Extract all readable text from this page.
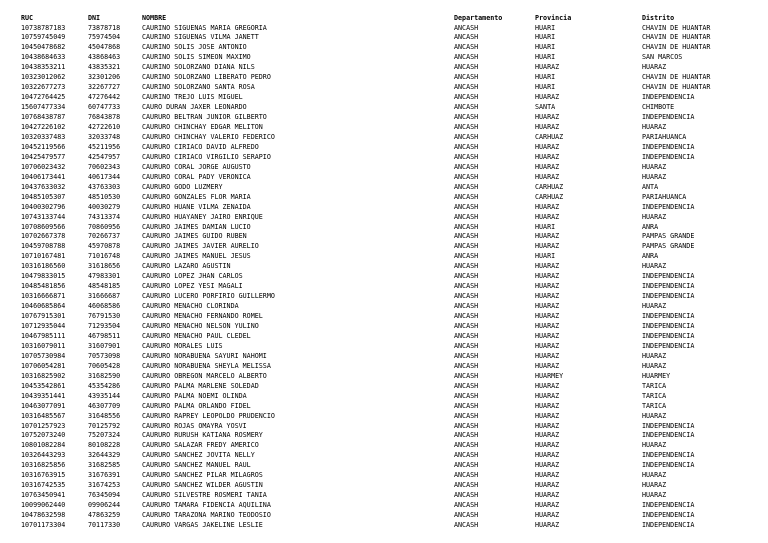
RUC	DNI	NOMBRE	Departamento	Provincia	Distrito
10738787183	73878718	CAURINO SIGUEÑAS MARIA GREGORIA	ANCASH	HUARI	CHAVIN DE HUANTAR
10759745049	75974504	CAURINO SIGUEÑAS VILMA JANETT	ANCASH	HUARI	CHAVIN DE HUANTAR
10450478682	45047868	CAURINO SOLIS JOSE ANTONIO	ANCASH	HUARI	CHAVIN DE HUANTAR
10438684633	43868463	CAURINO SOLIS SIMEON MAXIMO	ANCASH	HUARI	SAN MARCOS
10438353211	43835321	CAURINO SOLORZANO DIANA NILS	ANCASH	HUARAZ	HUARAZ
10323012062	32301206	CAURINO SOLORZANO LIBERATO PEDRO	ANCASH	HUARI	CHAVIN DE HUANTAR
10322677273	32267727	CAURINO SOLORZANO SANTA ROSA	ANCASH	HUARI	CHAVIN DE HUANTAR
10472764425	47276442	CAURINO TREJO LUIS MIGUEL	ANCASH	HUARAZ	INDEPENDENCIA
15607477334	60747733	CAURO DURAN JAXER LEONARDO	ANCASH	SANTA	CHIMBOTE
10768438787	76843878	CAURURO BELTRAN JUNIOR GILBERTO	ANCASH	HUARAZ	INDEPENDENCIA
10427226102	42722610	CAURURO CHINCHAY EDGAR MELITON	ANCASH	HUARAZ	HUARAZ
10320337483	32033748	CAURURO CHINCHAY VALERIO FEDERICO	ANCASH	CARHUAZ	PARIAHUANCA
10452119566	45211956	CAURURO CIRIACO DAVID ALFREDO	ANCASH	HUARAZ	INDEPENDENCIA
10425479577	42547957	CAURURO CIRIACO VIRGILIO SERAPIO	ANCASH	HUARAZ	INDEPENDENCIA
10706023432	70602343	CAURURO CORAL JORGE AUGUSTO	ANCASH	HUARAZ	HUARAZ
10406173441	40617344	CAURURO CORAL PADY VERONICA	ANCASH	HUARAZ	HUARAZ
10437633032	43763303	CAURURO GODO LUZMERY	ANCASH	CARHUAZ	ANTA
10485105307	48510530	CAURURO GONZALES FLOR MARIA	ANCASH	CARHUAZ	PARIAHUANCA
10400302796	40030279	CAURURO HUANE VILMA ZENAIDA	ANCASH	HUARAZ	INDEPENDENCIA
10743133744	74313374	CAURURO HUAYANEY JAIRO ENRIQUE	ANCASH	HUARAZ	HUARAZ
10708609566	70860956	CAURURO JAIMES DAMIAN LUCIO	ANCASH	HUARI	ANRA
10702667378	70266737	CAURURO JAIMES GUIDO RUBEN	ANCASH	HUARAZ	PAMPAS GRANDE
10459708788	45970878	CAURURO JAIMES JAVIER AURELIO	ANCASH	HUARAZ	PAMPAS GRANDE
10710167481	71016748	CAURURO JAIMES MANUEL JESUS	ANCASH	HUARI	ANRA
10316186560	31618656	CAURURO LAZARO AGUSTIN	ANCASH	HUARAZ	HUARAZ
10479833015	47983301	CAURURO LOPEZ JHAN CARLOS	ANCASH	HUARAZ	INDEPENDENCIA
10485481856	48548185	CAURURO LOPEZ YESI MAGALI	ANCASH	HUARAZ	INDEPENDENCIA
10316666871	31666687	CAURURO LUCERO PORFIRIO GUILLERMO	ANCASH	HUARAZ	INDEPENDENCIA
10460685864	46068586	CAURURO MENACHO CLORINDA	ANCASH	HUARAZ	HUARAZ
10767915301	76791530	CAURURO MENACHO FERNANDO ROMEL	ANCASH	HUARAZ	INDEPENDENCIA
10712935044	71293504	CAURURO MENACHO NELSON YULIÑO	ANCASH	HUARAZ	INDEPENDENCIA
10467985111	46798511	CAURURO MENACHO PAUL CLEDEL	ANCASH	HUARAZ	INDEPENDENCIA
10316079011	31607901	CAURURO MORALES LUIS	ANCASH	HUARAZ	INDEPENDENCIA
10705730984	70573098	CAURURO NORABUENA SAYURI NAHOMI	ANCASH	HUARAZ	HUARAZ
10706054281	70605428	CAURURO NORABUENA SHEYLA MELISSA	ANCASH	HUARAZ	HUARAZ
10316825902	31682590	CAURURO OBREGON MARCELO ALBERTO	ANCASH	HUARMEY	HUARMEY
10453542861	45354286	CAURURO PALMA MARLENE SOLEDAD	ANCASH	HUARAZ	TARICA
10439351441	43935144	CAURURO PALMA NOEMI OLINDA	ANCASH	HUARAZ	TARICA
10463077091	46307709	CAURURO PALMA ORLANDO FIDEL	ANCASH	HUARAZ	TARICA
10316485567	31648556	CAURURO RAPREY LEOPOLDO PRUDENCIO	ANCASH	HUARAZ	HUARAZ
10701257923	70125792	CAURURO ROJAS OMAYRA YOSVI	ANCASH	HUARAZ	INDEPENDENCIA
10752073240	75207324	CAURURO RURUSH KATIANA ROSMERY	ANCASH	HUARAZ	INDEPENDENCIA
10801082284	80108228	CAURURO SALAZAR FREDY AMERICO	ANCASH	HUARAZ	HUARAZ
10326443293	32644329	CAURURO SANCHEZ JOVITA NELLY	ANCASH	HUARAZ	INDEPENDENCIA
10316825856	31682585	CAURURO SANCHEZ MANUEL RAUL	ANCASH	HUARAZ	INDEPENDENCIA
10316763915	31676391	CAURURO SANCHEZ PILAR MILAGROS	ANCASH	HUARAZ	HUARAZ
10316742535	31674253	CAURURO SANCHEZ WILDER AGUSTIN	ANCASH	HUARAZ	HUARAZ
10763450941	76345094	CAURURO SILVESTRE ROSMERI TANIA	ANCASH	HUARAZ	HUARAZ
10099062440	09906244	CAURURO TAMARA FIDENCIA AQUILINA	ANCASH	HUARAZ	INDEPENDENCIA
10478632598	47863259	CAURURO TARAZONA MARINO TEODOSIO	ANCASH	HUARAZ	INDEPENDENCIA
10701173304	70117330	CAURURO VARGAS JAKELINE LESLIE	ANCASH	HUARAZ	INDEPENDENCIA
